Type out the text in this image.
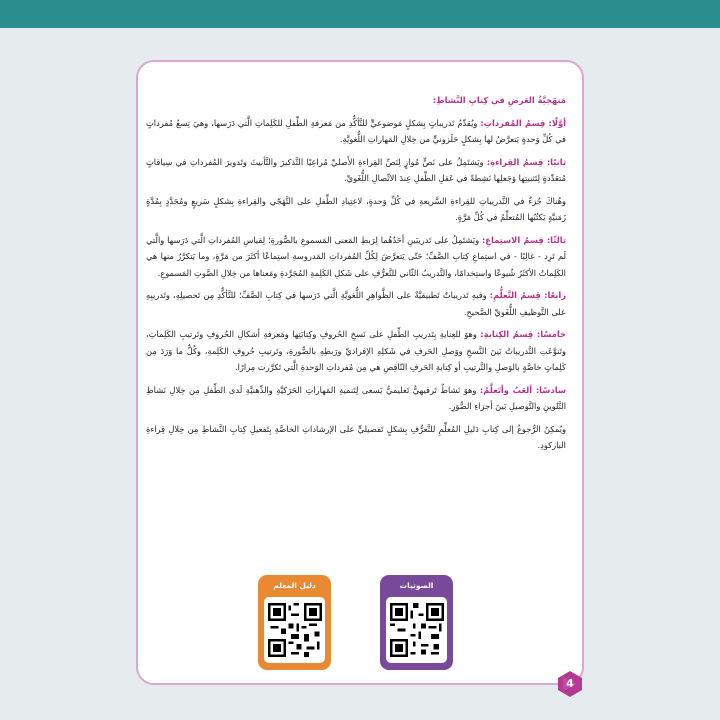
مَنهَجيَّةُ العَرضِ في كِتابِ النَّشاطِ:

أوَّلًا: قِسمُ المُفرداتِ: ويُقدِّمُ تَدريباتٍ بِشكلٍ مَوضوعيٍّ للتَّأكُّدِ من مَعرفةِ الطِّفلِ للكَلِماتِ الَّتي دَرَسها، وهيَ تِسعُ مُفرداتٍ في كُلِّ وَحدةٍ يَتعرَّضُ لها بِشكلٍ حَلَزونيٍّ من خِلالِ المَهاراتِ اللُّغويَّةِ.

ثانيًا: قِسمُ القِراءةِ: ويَشتَمِلُ على نَصٍّ مُوازٍ لِنَصِّ القِراءةِ الأَصليِّ مُراعِيًا التَّذكيرَ والتَّأنيثَ وتَدويرَ المُفرداتِ في سِياقاتٍ مُتعَدِّدةٍ لِتَثبيتِها وَجَعلِها نَشِطةً في عَقلِ الطِّفلِ عِندَ الاتِّصالِ اللُّغَويِّ.

وهُناكَ جُزءٌ في التَّدريباتِ للقِراءةِ السَّريعةِ في كُلِّ وَحدةٍ، لاعتِيادِ الطِّفلِ على التَّهَجّي والقِراءةِ بِشكلٍ سَريعٍ ومُحَدَّدٍ بِمُدَّةٍ زَمَنيَّةٍ يَكتُبُها المُتعلِّمُ في كُلِّ مَرَّةٍ.

ثالثًا: قِسمُ الاستِماعِ: ويَشتَمِلُ على تَدريبَينِ أحَدُهُما لِرَبطِ المَعنى المَسموعِ بالصُّورةِ؛ لِقياسِ المُفرداتِ الَّتي دَرَسها والَّتي لَم تَرِد - غالِبًا - في استِماعِ كِتابِ الصَّفِّ؛ حَتّى يَتعرَّضَ لِكُلِّ المُفرداتِ المَدروسةِ استِماعًا أكثَرَ من مَرَّةٍ، وما يَتكرَّرُ منها هي الكَلِماتُ الأكثَرُ شُيوعًا واستِخدامًا، والتَّدريبُ الثّاني للتَّعرُّفِ على شَكلِ الكَلِمةِ المُجَرَّدةِ ومَعناها من خِلالِ الصَّوتِ المَسموعِ.

رابعًا: قِسمُ التَّعلُّمِ: وفيهِ تَدريباتٌ تَطبيقيَّةٌ على الظَّواهِرِ اللُّغويَّةِ الَّتي دَرَسها في كِتابِ الصَّفِّ؛ للتَّأكُّدِ مِن تَحصيلِهِ، وتَدريبِهِ على التَّوظيفِ اللُّغَويِّ الصَّحيحِ.

خامسًا: قِسمُ الكِتابةِ: وهوَ للعِنايةِ بِتَدريبِ الطِّفلِ على نَسخِ الحُروفِ وكِتابَتِها ومَعرفةِ أشكالِ الحُروفِ وتَرتيبِ الكَلِماتِ، وتَنوَّعَتِ التَّدريباتُ بَينَ النَّسخِ ووَصلِ الحَرفِ في شَكلِهِ الإفراديِّ ورَبطِهِ بالصُّورةِ، وتَرتيبِ حُروفِ الكَلِمةِ، وكُلُّ ما وَرَدَ مِن كَلِماتٍ خاصَّةٍ بالوَصلِ والتَّرتيبِ أو كِتابةِ الحَرفِ النّاقِصِ هي مِن مُفرداتِ الوَحدةِ الَّتي تَكرَّرت مِرارًا.

سادسًا: ألعَبُ وأتَعلَّمُ: وهوَ نَشاطٌ تَرفيهيٌّ تَعليميٌّ يَسعى لِتَنميةِ المَهاراتِ الحَرَكيَّةِ والذِّهنيَّةِ لَدى الطِّفلِ مِن خِلالِ نَشاطِ التَّلوينِ والتَّوصيلِ بَينَ أجزاءِ الصُّوَرِ.

ويُمكِنُ الرُّجوعُ إلى كِتابِ دَليلِ المُعلِّمِ للتَّعرُّفِ بِشكلٍ تَفصيليٍّ على الإرشاداتِ الخاصَّةِ بِتَفعيلِ كِتابِ النَّشاطِ مِن خِلالِ قِراءةِ الباركودِ.

دليل المعلم	الصوتيات
4
